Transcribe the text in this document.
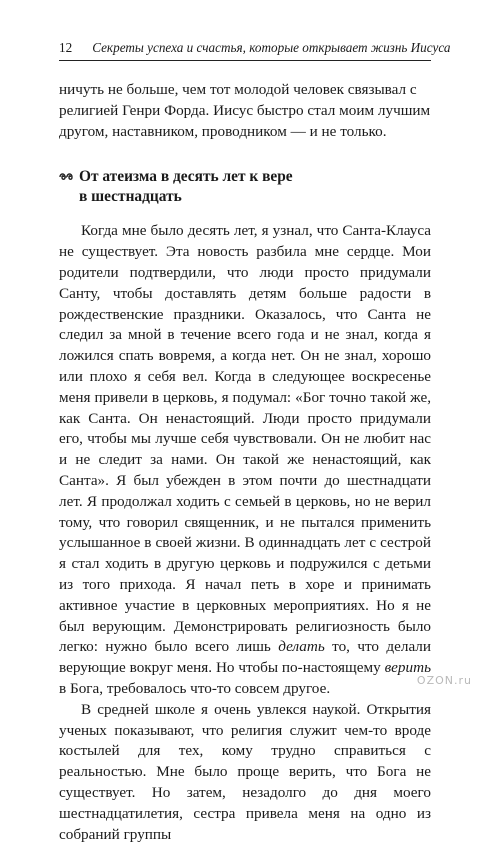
12 Секреты успеха и счастья, которые открывает жизнь Иисуса

ничуть не больше, чем тот молодой человек связывал с
религией Генри Форда. Иисус быстро стал моим лучшим
другом, наставником, проводником — и не только.

От атеизма в десять лет к вере
в шестнадцать

Когда мне было десять лет, я узнал, что Санта-Клауса не существует. Эта новость разбила мне сердце. Мои родители подтвердили, что люди просто придумали Санту, чтобы доставлять детям больше радости в рождественские праздники. Оказалось, что Санта не следил за мной в течение всего года и не знал, когда я ложился спать вовремя, а когда нет. Он не знал, хорошо или плохо я себя вел. Когда в следующее воскресенье меня привели в церковь, я подумал: «Бог точно такой же, как Санта. Он ненастоящий. Люди просто придумали его, чтобы мы лучше себя чувствовали. Он не любит нас и не следит за нами. Он такой же ненастоящий, как Санта». Я был убежден в этом почти до шестнадцати лет. Я продолжал ходить с семьей в церковь, но не верил тому, что говорил священник, и не пытался применить услышанное в своей жизни. В одиннадцать лет с сестрой я стал ходить в другую церковь и подружился с детьми из того прихода. Я начал петь в хоре и принимать активное участие в церковных мероприятиях. Но я не был верующим. Демонстрировать религиозность было легко: нужно было всего лишь делать то, что делали верующие вокруг меня. Но чтобы по-настоящему верить в Бога, требовалось что-то совсем другое.

В средней школе я очень увлекся наукой. Открытия ученых показывают, что религия служит чем-то вроде костылей для тех, кому трудно справиться с реальностью. Мне было проще верить, что Бога не существует. Но затем, незадолго до дня моего шестнадцатилетия, сестра привела меня на одно из собраний группы

OZON.ru
